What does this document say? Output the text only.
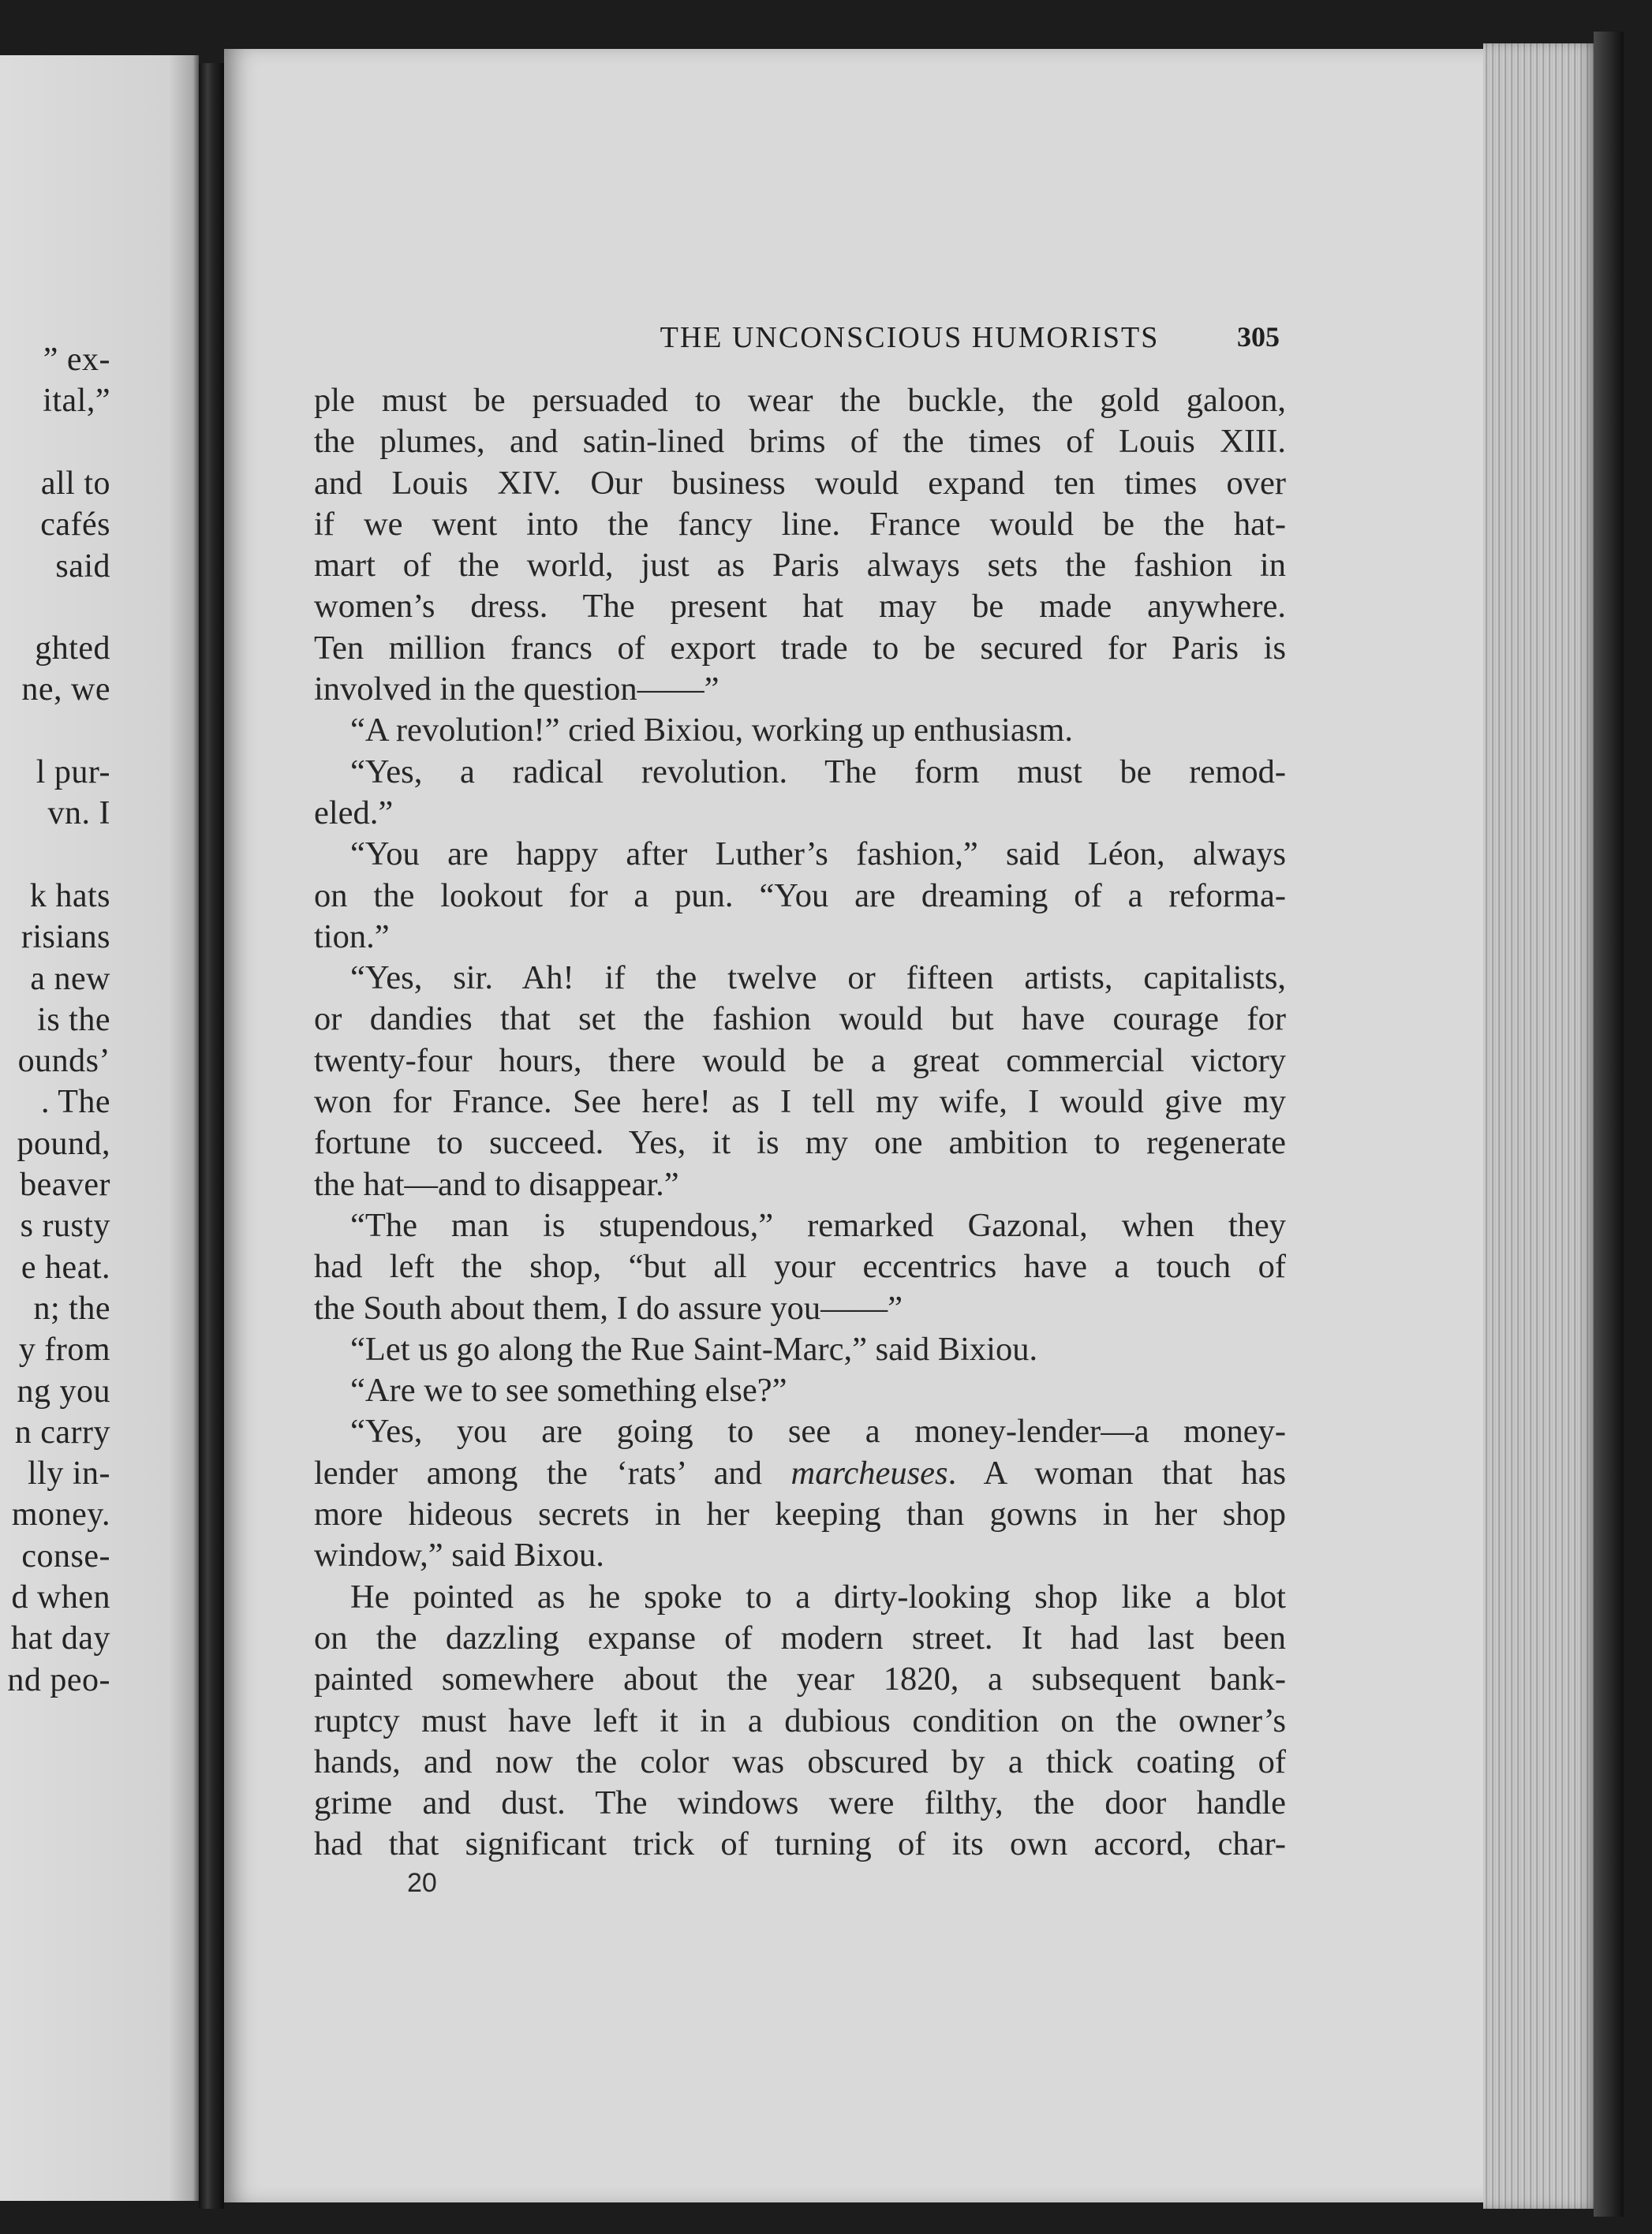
” ex-
ital,”
all to
cafés
said
ghted
ne, we
l pur-
vn. I
k hats
risians
a new
is the
ounds’
. The
pound,
beaver
s rusty
e heat.
n; the
y from
ng you
n carry
lly in-
money.
conse-
d when
hat day
nd peo-
THE UNCONSCIOUS HUMORISTS	305
ple must be persuaded to wear the buckle, the gold galoon,
the plumes, and satin-lined brims of the times of Louis XIII.
and Louis XIV. Our business would expand ten times over
if we went into the fancy line. France would be the hat-
mart of the world, just as Paris always sets the fashion in
women’s dress. The present hat may be made anywhere.
Ten million francs of export trade to be secured for Paris is
involved in the question——”
“A revolution!” cried Bixiou, working up enthusiasm.
“Yes, a radical revolution. The form must be remod-
eled.”
“You are happy after Luther’s fashion,” said Léon, always
on the lookout for a pun. “You are dreaming of a reforma-
tion.”
“Yes, sir. Ah! if the twelve or fifteen artists, capitalists,
or dandies that set the fashion would but have courage for
twenty-four hours, there would be a great commercial victory
won for France. See here! as I tell my wife, I would give my
fortune to succeed. Yes, it is my one ambition to regenerate
the hat—and to disappear.”
“The man is stupendous,” remarked Gazonal, when they
had left the shop, “but all your eccentrics have a touch of
the South about them, I do assure you——”
“Let us go along the Rue Saint-Marc,” said Bixiou.
“Are we to see something else?”
“Yes, you are going to see a money-lender—a money-
lender among the ‘rats’ and marcheuses. A woman that has
more hideous secrets in her keeping than gowns in her shop
window,” said Bixou.
He pointed as he spoke to a dirty-looking shop like a blot
on the dazzling expanse of modern street. It had last been
painted somewhere about the year 1820, a subsequent bank-
ruptcy must have left it in a dubious condition on the owner’s
hands, and now the color was obscured by a thick coating of
grime and dust. The windows were filthy, the door handle
had that significant trick of turning of its own accord, char-
20
